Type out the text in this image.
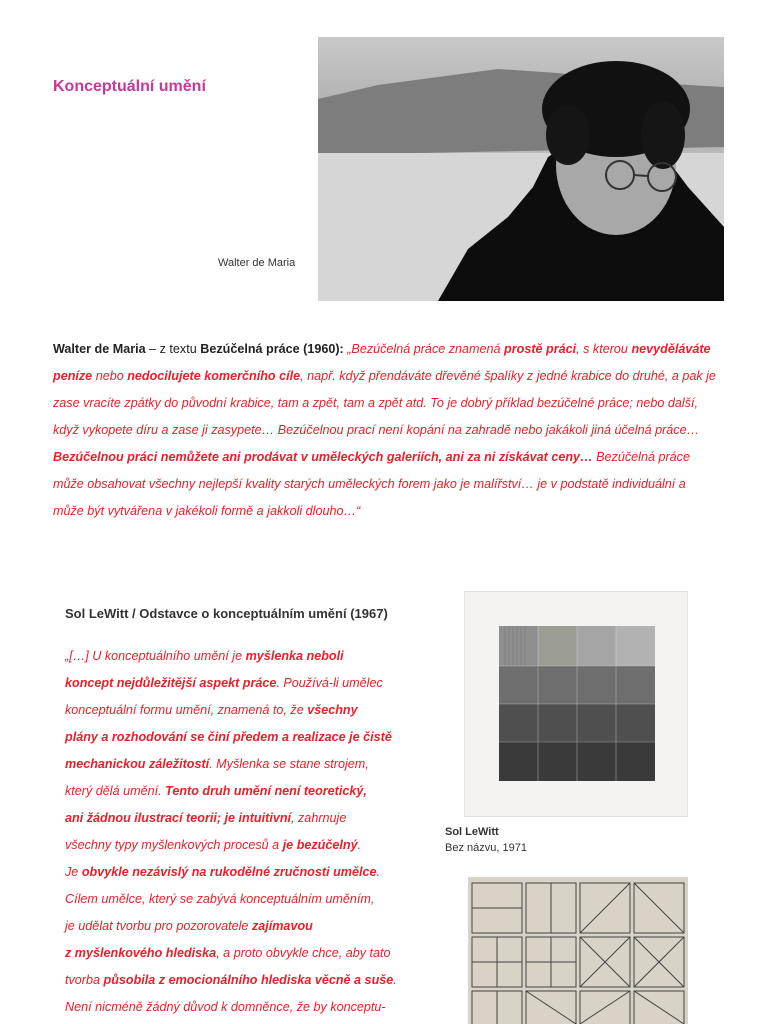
Konceptuální umění
Walter de Maria
Walter de Maria – z textu Bezúčelná práce (1960): „Bezúčelná práce znamená prostě práci, s kterou nevyděláváte peníze nebo nedocilujete komerčního cíle, např. když přendáváte dřevěné špalíky z jedné krabice do druhé, a pak je zase vracíte zpátky do původní krabice, tam a zpět, tam a zpět atd. To je dobrý příklad bezúčelné práce; nebo další, když vykopete díru a zase ji zasypete… Bezúčelnou prací není kopání na zahradě nebo jakákoli jiná účelná práce… Bezúčelnou práci nemůžete ani prodávat v uměleckých galeriích, ani za ni získávat ceny… Bezúčelná práce může obsahovat všechny nejlepší kvality starých uměleckých forem jako je malířství… je v podstatě individuální a může být vytvářena v jakékoli formě a jakkoli dlouho…“
Sol LeWitt / Odstavce o konceptuálním umění (1967)
„[…] U konceptuálního umění je myšlenka neboli
koncept nejdůležitější aspekt práce. Používá-li umělec
konceptuální formu umění, znamená to, že všechny
plány a rozhodování se činí předem a realizace je čistě
mechanickou záležitostí. Myšlenka se stane strojem,
který dělá umění. Tento druh umění není teoretický,
ani žádnou ilustrací teorii; je intuitivní, zahrnuje
všechny typy myšlenkových procesů a je bezúčelný.
Je obvykle nezávislý na rukodělné zručnosti umělce.
Cílem umělce, který se zabývá konceptuálním uměním,
je udělat tvorbu pro pozorovatele zajímavou
z myšlenkového hlediska, a proto obvykle chce, aby tato
tvorba působila z emocionálního hlediska věcně a suše.
Není nicméně žádný důvod k domněnce, že by konceptu-
Sol LeWitt
Bez názvu, 1971
